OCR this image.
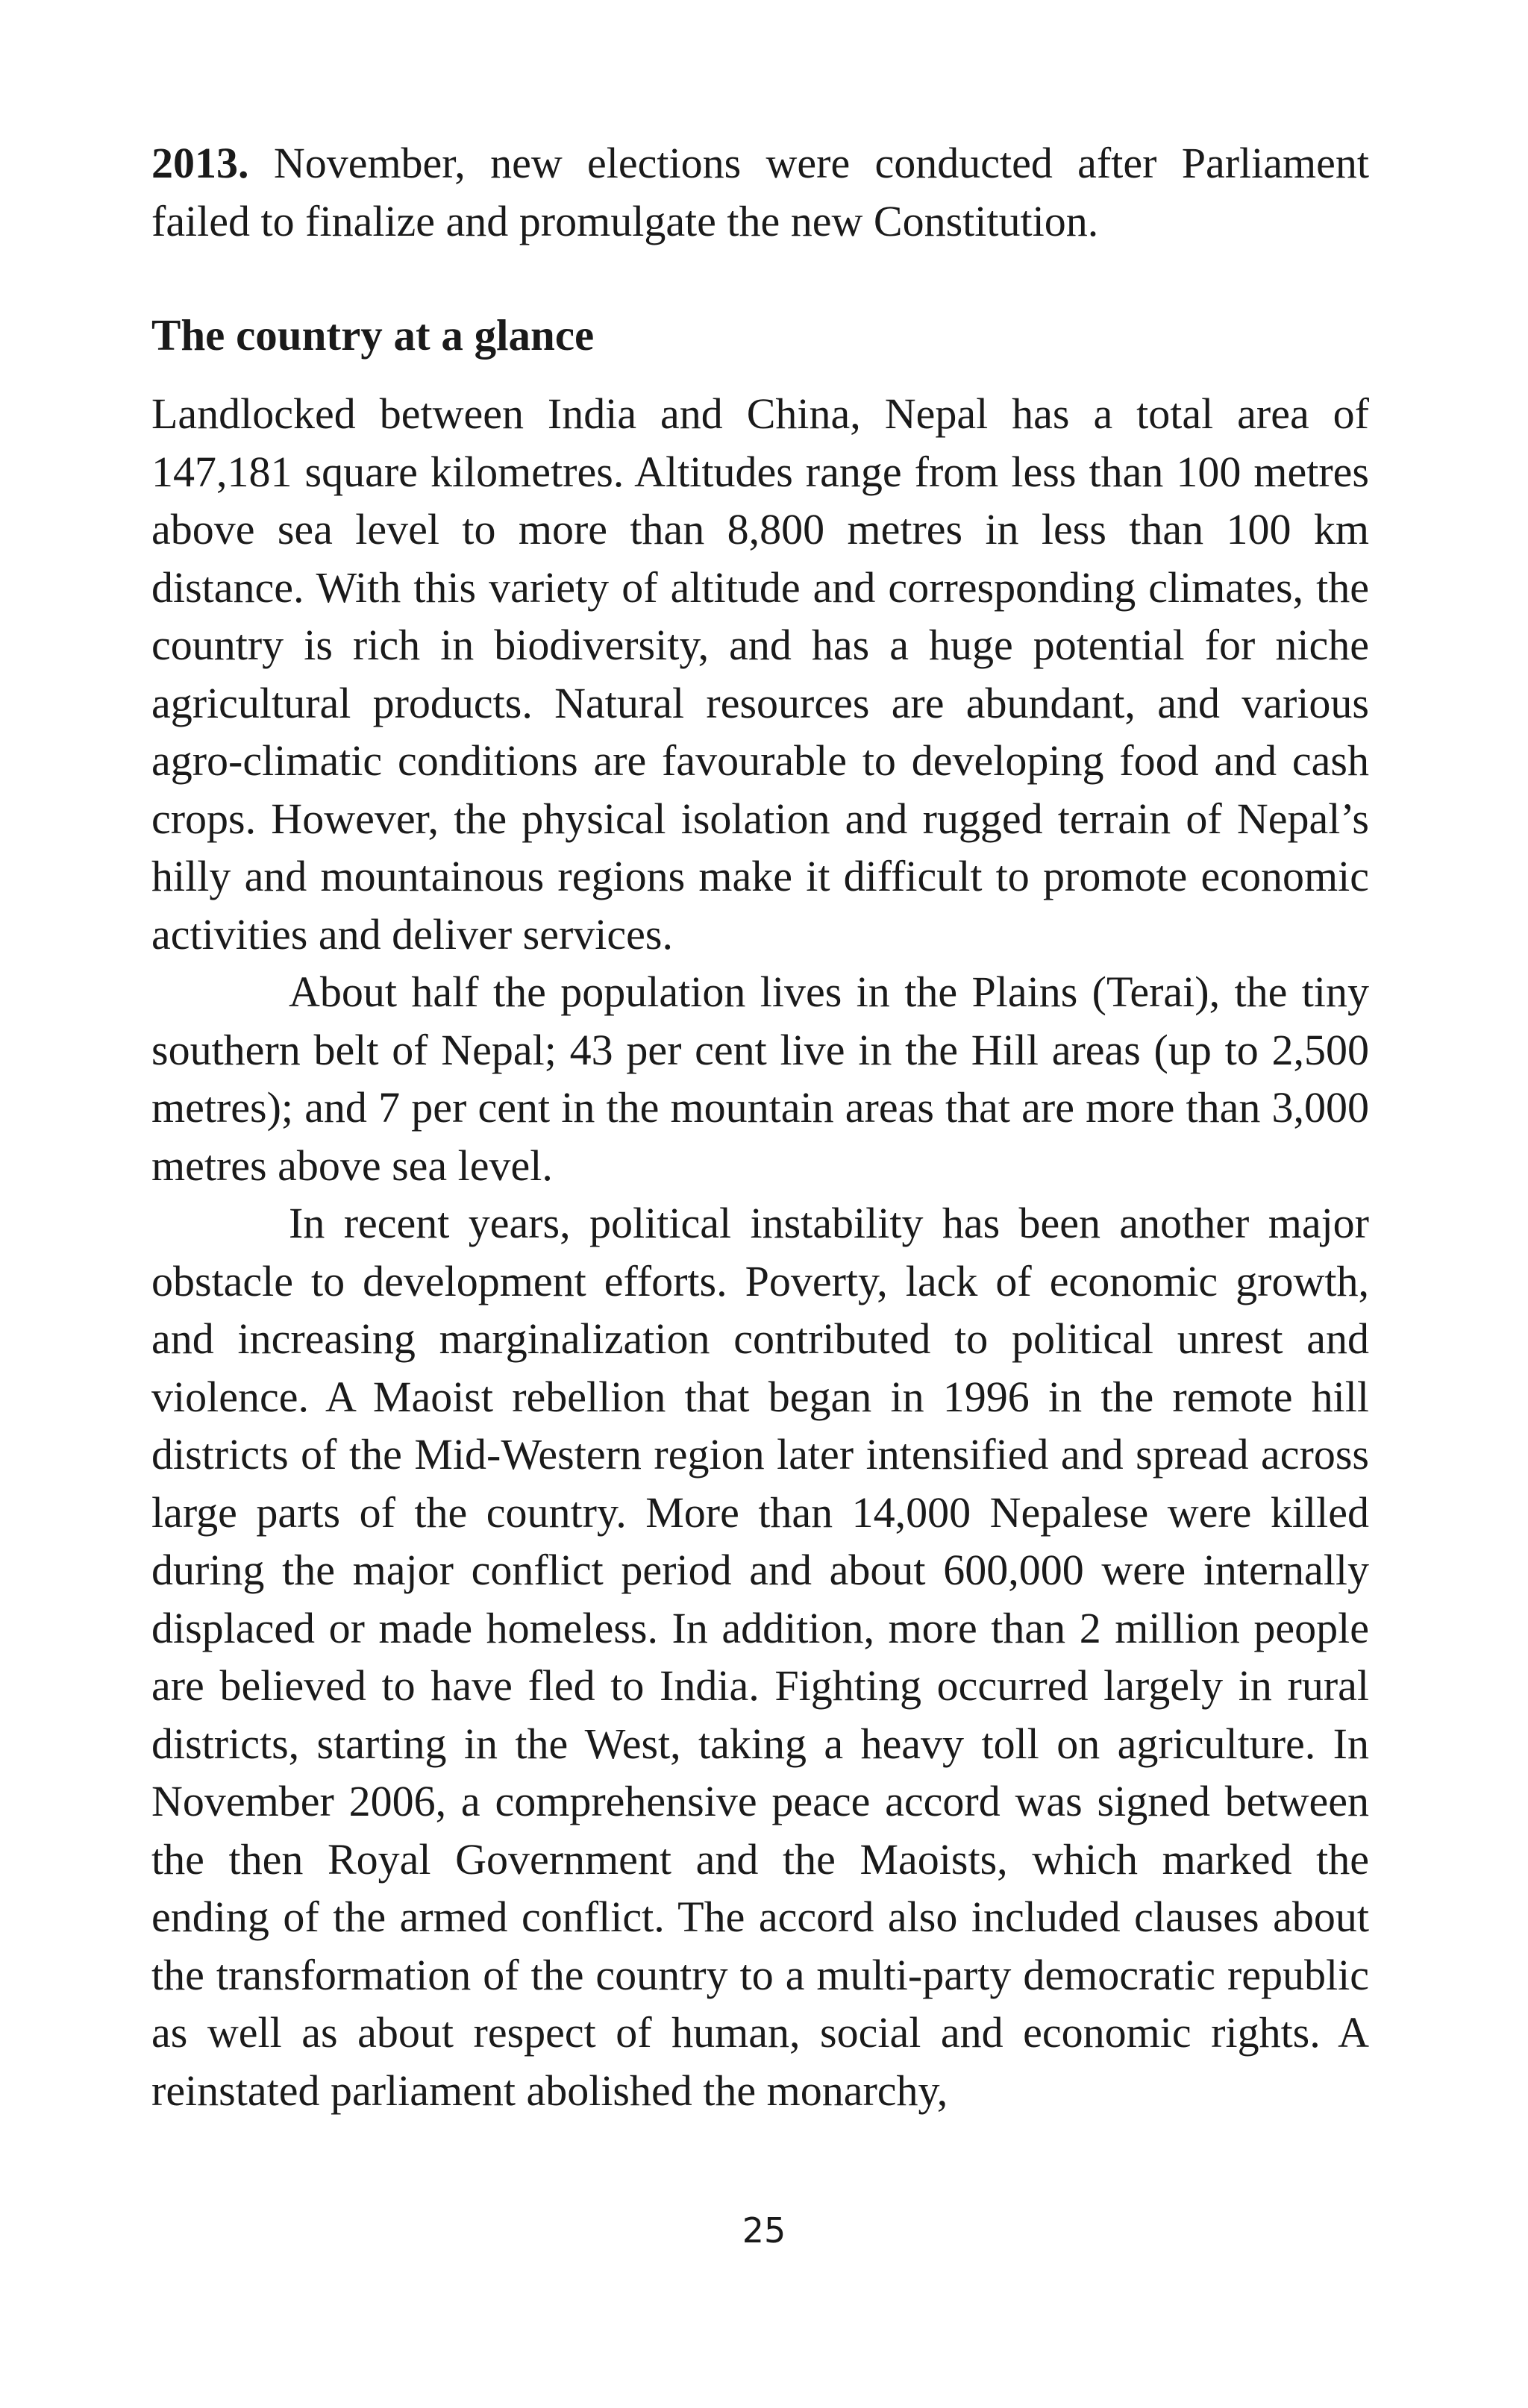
2013. November, new elections were conducted after Parliament failed to finalize and promulgate the new Constitution.

The country at a glance

Landlocked between India and China, Nepal has a total area of 147,181 square kilometres. Altitudes range from less than 100 metres above sea level to more than 8,800 metres in less than 100 km distance. With this variety of altitude and corresponding climates, the country is rich in biodiversity, and has a huge potential for niche agricultural products. Natural resources are abundant, and various agro-climatic conditions are favourable to developing food and cash crops. However, the physical isolation and rugged terrain of Nepal’s hilly and mountainous regions make it difficult to promote economic activities and deliver services.

About half the population lives in the Plains (Terai), the tiny southern belt of Nepal; 43 per cent live in the Hill areas (up to 2,500 metres); and 7 per cent in the mountain areas that are more than 3,000 metres above sea level.

In recent years, political instability has been another major obstacle to development efforts. Poverty, lack of economic growth, and increasing marginalization contributed to political unrest and violence. A Maoist rebellion that began in 1996 in the remote hill districts of the Mid-Western region later intensified and spread across large parts of the country. More than 14,000 Nepalese were killed during the major conflict period and about 600,000 were internally displaced or made homeless. In addition, more than 2 million people are believed to have fled to India. Fighting occurred largely in rural districts, starting in the West, taking a heavy toll on agriculture. In November 2006, a comprehensive peace accord was signed between the then Royal Government and the Maoists, which marked the ending of the armed conflict. The accord also included clauses about the transformation of the country to a multi-party democratic republic as well as about respect of human, social and economic rights. A reinstated parliament abolished the monarchy,

25
